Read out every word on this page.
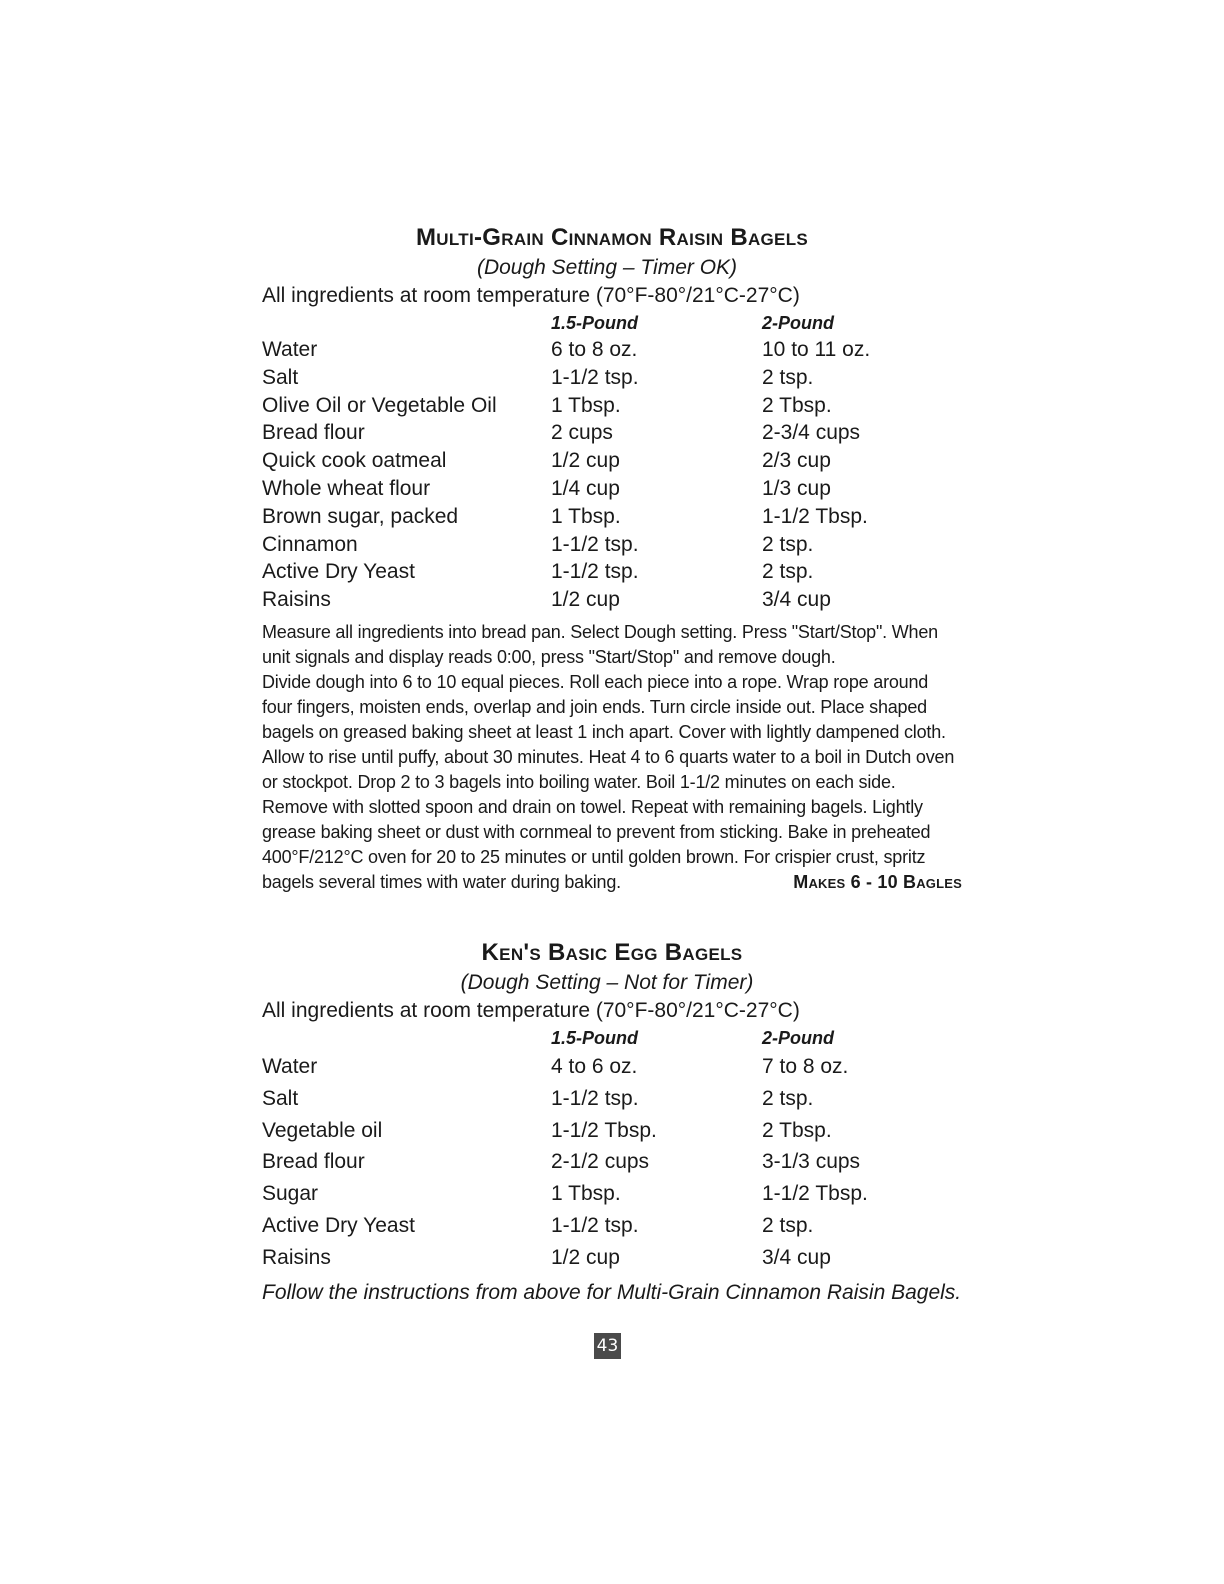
Multi-Grain Cinnamon Raisin Bagels
(Dough Setting – Timer OK)
All ingredients at room temperature (70°F-80°/21°C-27°C)
1.5-Pound	2-Pound
Water	6 to 8 oz.	10 to 11 oz.
Salt	1-1/2 tsp.	2 tsp.
Olive Oil or Vegetable Oil	1 Tbsp.	2 Tbsp.
Bread flour	2 cups	2-3/4 cups
Quick cook oatmeal	1/2 cup	2/3 cup
Whole wheat flour	1/4 cup	1/3 cup
Brown sugar, packed	1 Tbsp.	1-1/2 Tbsp.
Cinnamon	1-1/2 tsp.	2 tsp.
Active Dry Yeast	1-1/2 tsp.	2 tsp.
Raisins	1/2 cup	3/4 cup

Measure all ingredients into bread pan. Select Dough setting. Press "Start/Stop". When unit signals and display reads 0:00, press "Start/Stop" and remove dough.

Divide dough into 6 to 10 equal pieces. Roll each piece into a rope. Wrap rope around four fingers, moisten ends, overlap and join ends. Turn circle inside out. Place shaped bagels on greased baking sheet at least 1 inch apart. Cover with lightly dampened cloth. Allow to rise until puffy, about 30 minutes. Heat 4 to 6 quarts water to a boil in Dutch oven or stockpot. Drop 2 to 3 bagels into boiling water. Boil 1-1/2 minutes on each side. Remove with slotted spoon and drain on towel. Repeat with remaining bagels. Lightly grease baking sheet or dust with cornmeal to prevent from sticking. Bake in preheated 400°F/212°C oven for 20 to 25 minutes or until golden brown. For crispier crust, spritz bagels several times with water during baking.	Makes 6 - 10 Bagles

Ken's Basic Egg Bagels
(Dough Setting – Not for Timer)
All ingredients at room temperature (70°F-80°/21°C-27°C)
1.5-Pound	2-Pound
Water	4 to 6 oz.	7 to 8 oz.
Salt	1-1/2 tsp.	2 tsp.
Vegetable oil	1-1/2 Tbsp.	2 Tbsp.
Bread flour	2-1/2 cups	3-1/3 cups
Sugar	1 Tbsp.	1-1/2 Tbsp.
Active Dry Yeast	1-1/2 tsp.	2 tsp.
Raisins	1/2 cup	3/4 cup
Follow the instructions from above for Multi-Grain Cinnamon Raisin Bagels.
43
